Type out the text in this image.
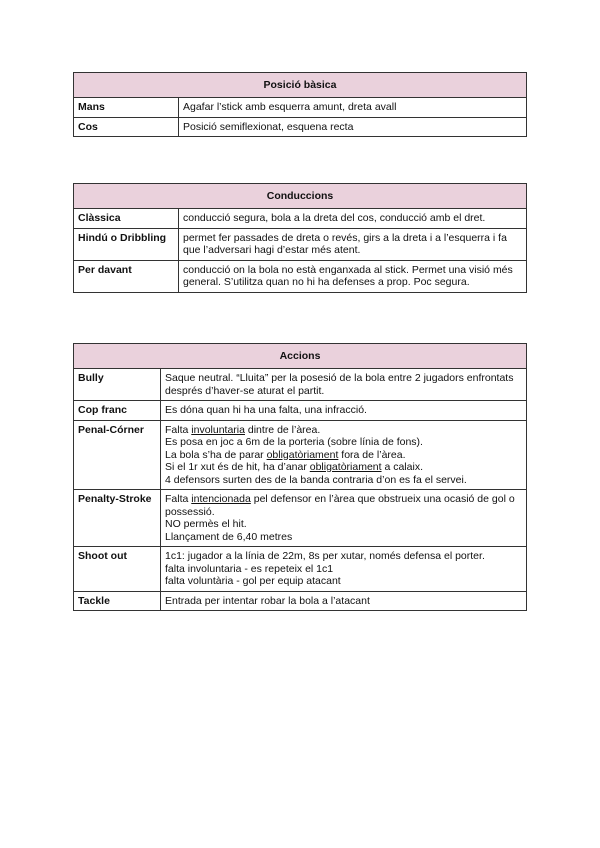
Posició bàsica	
Mans	Agafar l’stick amb esquerra amunt, dreta avall

Cos	Posició semiflexionat, esquena recta
Conduccions	
Clàssica	conducció segura, bola a la dreta del cos, conducció amb el dret.

Hindú o Dribbling	permet fer passades de dreta o revés, girs a la dreta i a l’esquerra i fa que l’adversari hagi d’estar més atent.

Per davant	conducció on la bola no està enganxada al stick. Permet una visió més general. S’utilitza quan no hi ha defenses a prop. Poc segura.
Accions	
Bully	Saque neutral. “Lluita” per la posesió de la bola entre 2 jugadors enfrontats després d’haver-se aturat el partit.

Cop franc	Es dóna quan hi ha una falta, una infracció.

Penal-Córner	Falta involuntaria dintre de l’àrea.
Es posa en joc a 6m de la porteria (sobre línia de fons).
La bola s’ha de parar obligatòriament fora de l’àrea.
Si el 1r xut és de hit, ha d’anar obligatòriament a calaix.
4 defensors surten des de la banda contraria d’on es fa el servei.

Penalty-Stroke	Falta intencionada pel defensor en l’àrea que obstrueix una ocasió de gol o possessió.
NO permès el hit.
Llançament de 6,40 metres

Shoot out	1c1: jugador a la línia de 22m, 8s per xutar, només defensa el porter.
falta involuntaria - es repeteix el 1c1
falta voluntària - gol per equip atacant

Tackle	Entrada per intentar robar la bola a l’atacant
